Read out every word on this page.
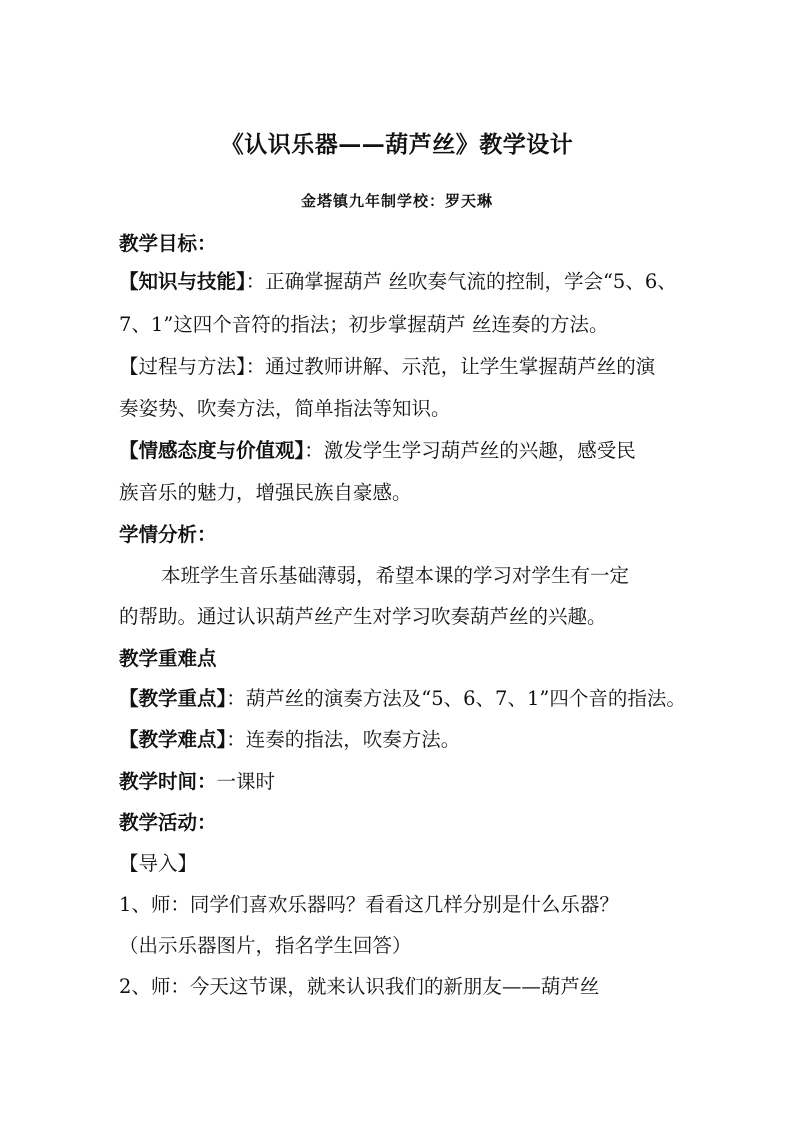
《认识乐器——葫芦丝》教学设计
金塔镇九年制学校：罗天琳
教学目标：
【知识与技能】：正确掌握葫芦 丝吹奏气流的控制，学会“5、6、
7、1”这四个音符的指法；初步掌握葫芦 丝连奏的方法。
【过程与方法】：通过教师讲解、示范，让学生掌握葫芦丝的演
奏姿势、吹奏方法，简单指法等知识。
【情感态度与价值观】：激发学生学习葫芦丝的兴趣，感受民
族音乐的魅力，增强民族自豪感。
学情分析：
本班学生音乐基础薄弱，希望本课的学习对学生有一定
的帮助。通过认识葫芦丝产生对学习吹奏葫芦丝的兴趣。
教学重难点
【教学重点】：葫芦丝的演奏方法及“5、6、7、1”四个音的指法。
【教学难点】：连奏的指法，吹奏方法。
教学时间：一课时
教学活动：
【导入】
1、师：同学们喜欢乐器吗？看看这几样分别是什么乐器？
（出示乐器图片，指名学生回答）
2、师：今天这节课，就来认识我们的新朋友——葫芦丝
